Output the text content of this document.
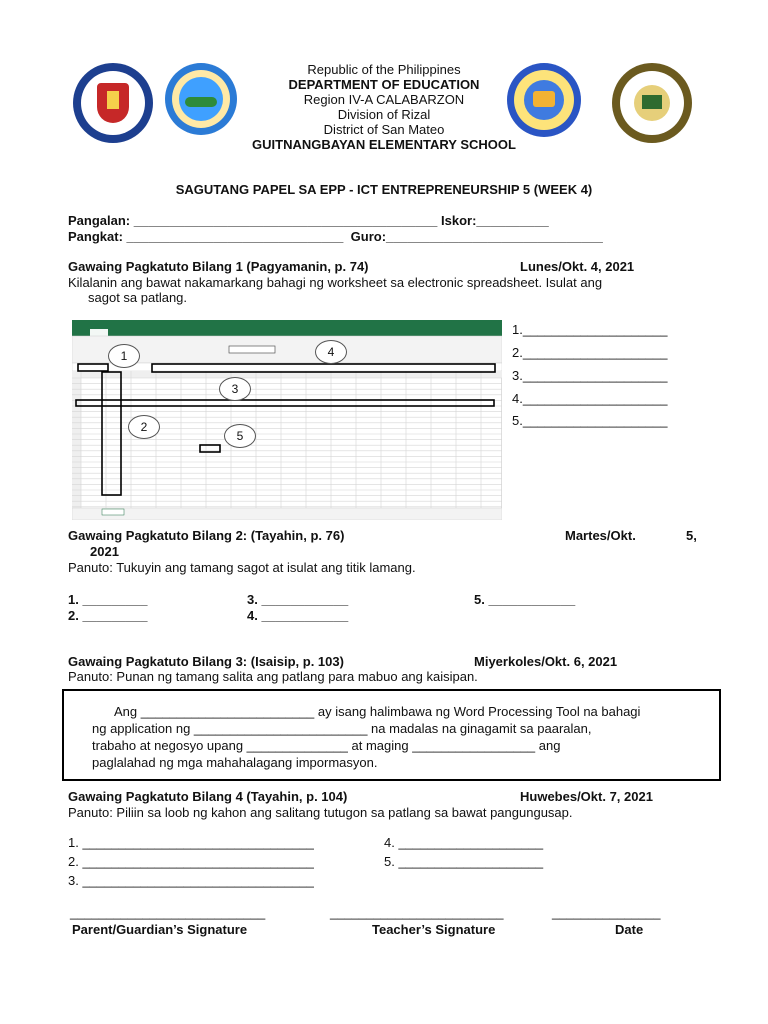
Republic of the Philippines
DEPARTMENT OF EDUCATION
Region IV-A CALABARZON
Division of Rizal
District of San Mateo
GUITNANGBAYAN ELEMENTARY SCHOOL
SAGUTANG PAPEL SA EPP - ICT ENTREPRENEURSHIP 5 (WEEK 4)
Pangalan: __________________________________________ Iskor:__________
Pangkat: ______________________________  Guro:______________________________
Gawaing Pagkatuto Bilang 1 (Pagyamanin, p. 74)	Lunes/Okt. 4, 2021
Kilalanin ang bawat nakamarkang bahagi ng worksheet sa electronic spreadsheet. Isulat ang
sagot sa patlang.
1	4
3
2
5
1.____________________
2.____________________
3.____________________
4.____________________
5.____________________
Gawaing Pagkatuto Bilang 2: (Tayahin, p. 76)	Martes/Okt.	5,
2021
Panuto: Tukuyin ang tamang sagot at isulat ang titik lamang.
1. _________	3. ____________	5. ____________
2. _________	4. ____________
Gawaing Pagkatuto Bilang 3: (Isaisip, p. 103)	Miyerkoles/Okt. 6, 2021
Panuto: Punan ng tamang salita ang patlang para mabuo ang kaisipan.
Ang ________________________ ay isang halimbawa ng Word Processing Tool na bahagi
ng application ng ________________________ na madalas na ginagamit sa paaralan,
trabaho at negosyo upang ______________ at maging _________________ ang
paglalahad ng mga mahahalagang impormasyon.
Gawaing Pagkatuto Bilang 4 (Tayahin, p. 104)	Huwebes/Okt. 7, 2021
Panuto: Piliin sa loob ng kahon ang salitang tutugon sa patlang sa bawat pangungusap.
1. ________________________________
2. ________________________________
3. ________________________________
4. ____________________
5. ____________________
___________________________	________________________	_______________
Parent/Guardian’s Signature	Teacher’s Signature	Date
